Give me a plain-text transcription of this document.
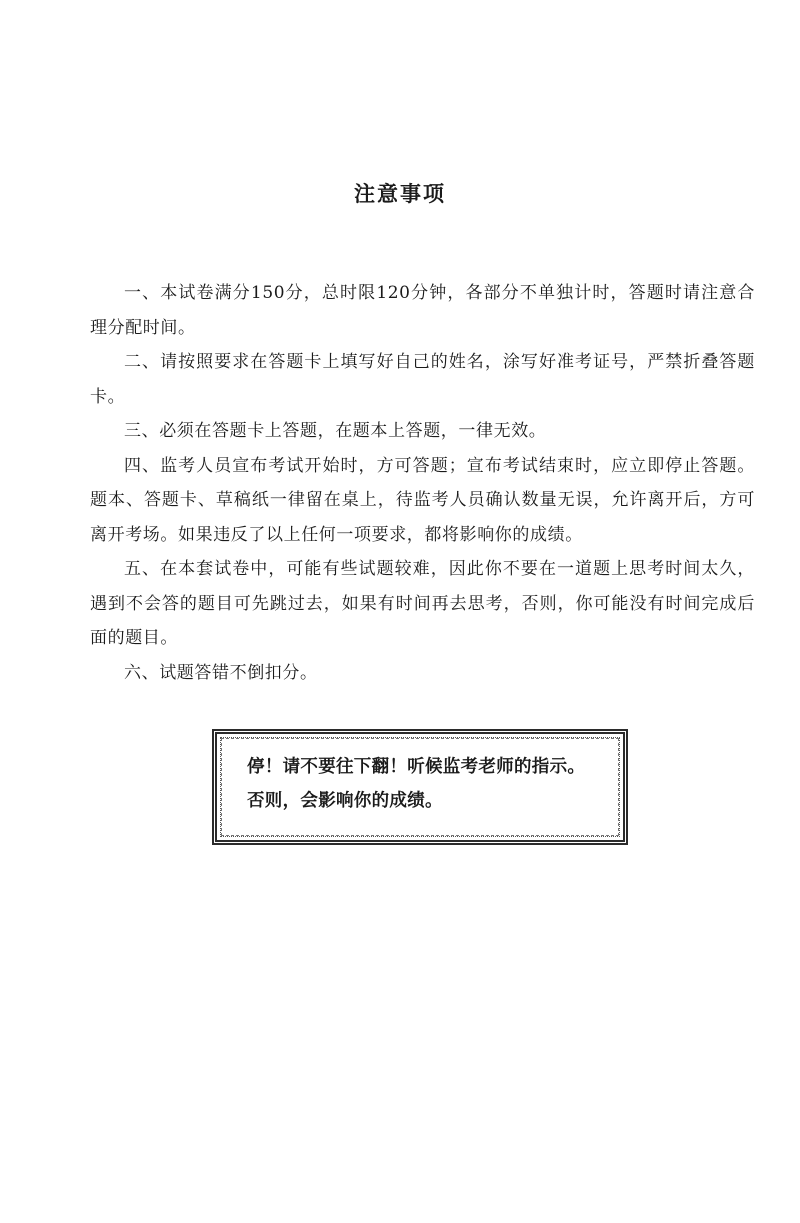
注意事项

一、本试卷满分150分，总时限120分钟，各部分不单独计时，答题时请注意合理分配时间。

二、请按照要求在答题卡上填写好自己的姓名，涂写好准考证号，严禁折叠答题卡。

三、必须在答题卡上答题，在题本上答题，一律无效。

四、监考人员宣布考试开始时，方可答题；宣布考试结束时，应立即停止答题。题本、答题卡、草稿纸一律留在桌上，待监考人员确认数量无误，允许离开后，方可离开考场。如果违反了以上任何一项要求，都将影响你的成绩。

五、在本套试卷中，可能有些试题较难，因此你不要在一道题上思考时间太久，遇到不会答的题目可先跳过去，如果有时间再去思考，否则，你可能没有时间完成后面的题目。

六、试题答错不倒扣分。

停！请不要往下翻！听候监考老师的指示。
否则，会影响你的成绩。
